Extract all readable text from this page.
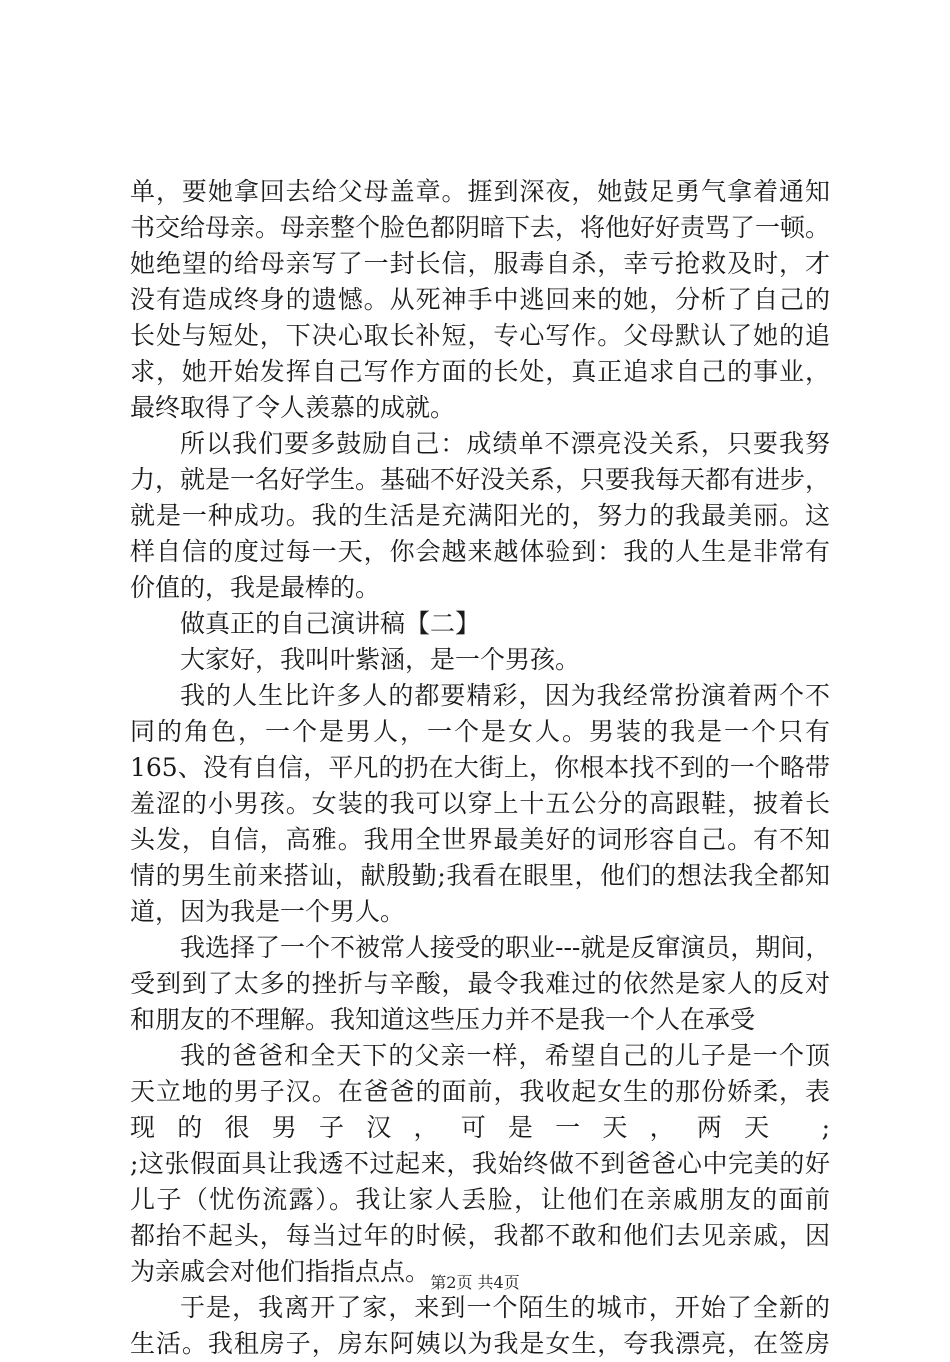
单，要她拿回去给父母盖章。捱到深夜，她鼓足勇气拿着通知
书交给母亲。母亲整个脸色都阴暗下去，将他好好责骂了一顿。
她绝望的给母亲写了一封长信，服毒自杀，幸亏抢救及时，才
没有造成终身的遗憾。从死神手中逃回来的她，分析了自己的
长处与短处，下决心取长补短，专心写作。父母默认了她的追
求，她开始发挥自己写作方面的长处，真正追求自己的事业，
最终取得了令人羡慕的成就。
所以我们要多鼓励自己：成绩单不漂亮没关系，只要我努
力，就是一名好学生。基础不好没关系，只要我每天都有进步，
就是一种成功。我的生活是充满阳光的，努力的我最美丽。这
样自信的度过每一天，你会越来越体验到：我的人生是非常有
价值的，我是最棒的。
做真正的自己演讲稿【二】
大家好，我叫叶紫涵，是一个男孩。
我的人生比许多人的都要精彩，因为我经常扮演着两个不
同的角色，一个是男人，一个是女人。男装的我是一个只有
165、没有自信，平凡的扔在大街上，你根本找不到的一个略带
羞涩的小男孩。女装的我可以穿上十五公分的高跟鞋，披着长
头发，自信，高雅。我用全世界最美好的词形容自己。有不知
情的男生前来搭讪，献殷勤;我看在眼里，他们的想法我全都知
道，因为我是一个男人。
我选择了一个不被常人接受的职业---就是反窜演员，期间，
受到到了太多的挫折与辛酸，最令我难过的依然是家人的反对
和朋友的不理解。我知道这些压力并不是我一个人在承受
我的爸爸和全天下的父亲一样，希望自己的儿子是一个顶
天立地的男子汉。在爸爸的面前，我收起女生的那份娇柔，表
现的很男子汉，可是一天，两天 ;
;这张假面具让我透不过起来，我始终做不到爸爸心中完美的好
儿子（忧伤流露）。我让家人丢脸，让他们在亲戚朋友的面前
都抬不起头，每当过年的时候，我都不敢和他们去见亲戚，因
为亲戚会对他们指指点点。
于是，我离开了家，来到一个陌生的城市，开始了全新的
生活。我租房子，房东阿姨以为我是女生，夸我漂亮，在签房
第2页 共4页
